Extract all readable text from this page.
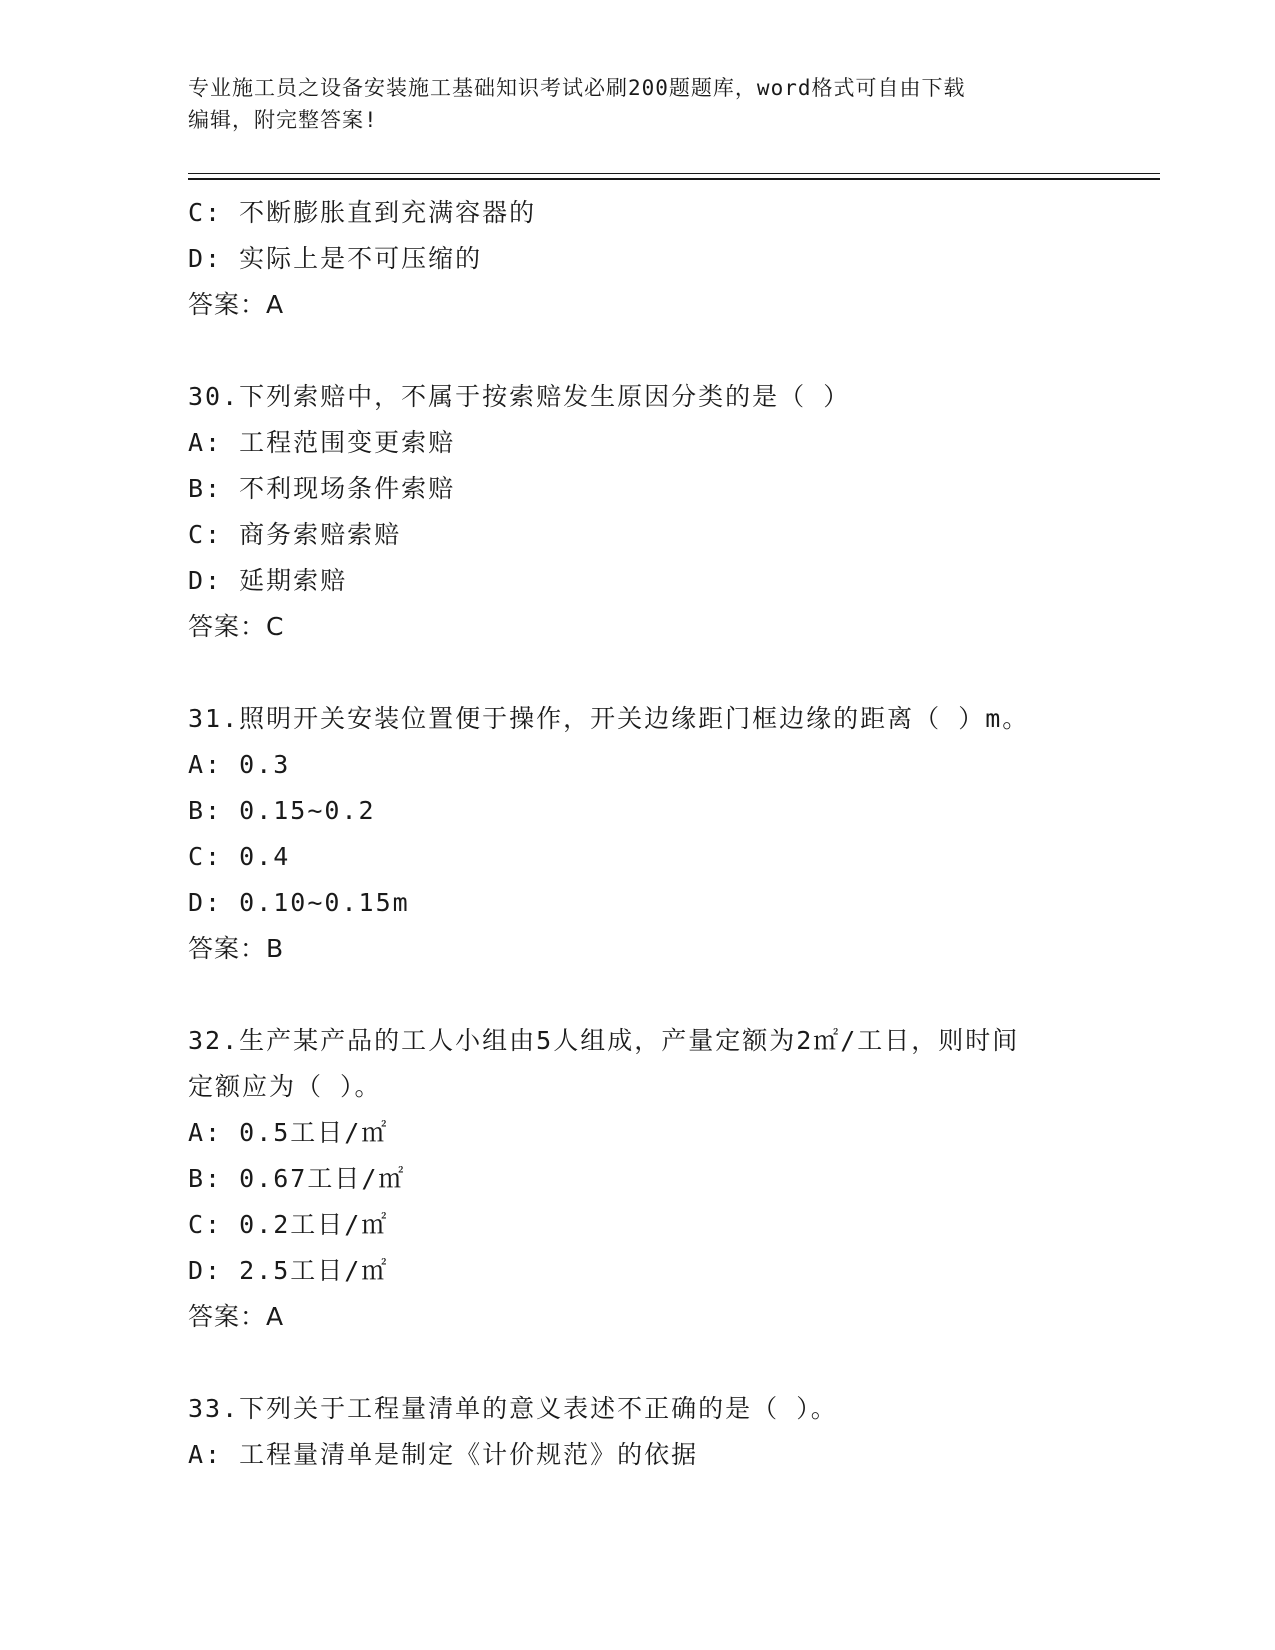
专业施工员之设备安装施工基础知识考试必刷200题题库，word格式可自由下载
编辑，附完整答案!
C: 不断膨胀直到充满容器的
D: 实际上是不可压缩的
答案：A
30.下列索赔中，不属于按索赔发生原因分类的是（ ）
A: 工程范围变更索赔
B: 不利现场条件索赔
C: 商务索赔索赔
D: 延期索赔
答案：C
31.照明开关安装位置便于操作，开关边缘距门框边缘的距离（ ）m。
A: 0.3
B: 0.15~0.2
C: 0.4
D: 0.10~0.15m
答案：B
32.生产某产品的工人小组由5人组成，产量定额为2㎡/工日，则时间
定额应为（ ）。
A: 0.5工日/㎡
B: 0.67工日/㎡
C: 0.2工日/㎡
D: 2.5工日/㎡
答案：A
33.下列关于工程量清单的意义表述不正确的是（ ）。
A: 工程量清单是制定《计价规范》的依据
